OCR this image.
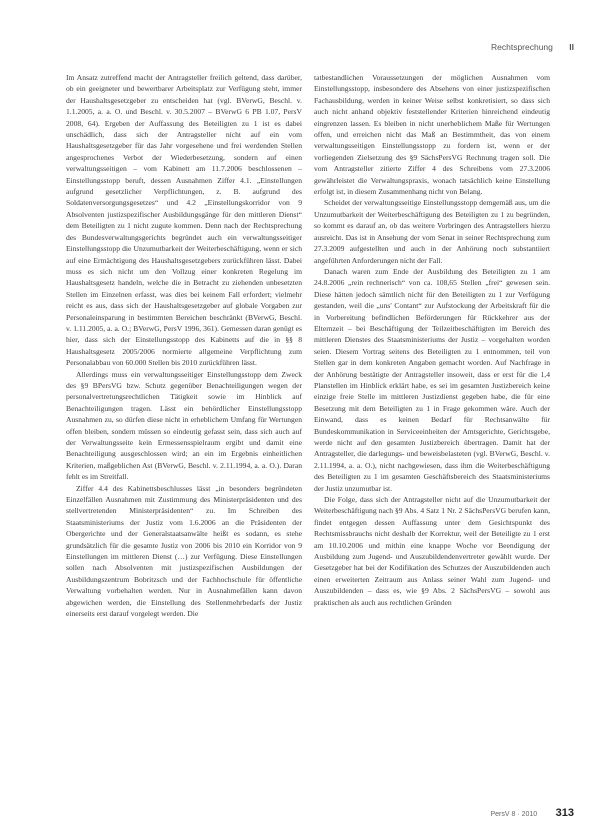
Rechtsprechung II

Im Ansatz zutreffend macht der Antragsteller freilich geltend, dass darüber, ob ein geeigneter und bewertbarer Arbeitsplatz zur Verfügung steht, immer der Haushaltsgesetzgeber zu entscheiden hat (vgl. BVerwG, Beschl. v. 1.1.2005, a. a. O. und Beschl. v. 30.5.2007 – BVerwG 6 PB 1.07, PersV 2008, 64). Ergeben der Auffassung des Beteiligten zu 1 ist es dabei unschädlich, dass sich der Antragsteller nicht auf ein vom Haushaltsgesetzgeber für das Jahr vorgesehene und frei werdenden Stellen angesprochenes Verbot der Wiederbesetzung, sondern auf einen verwaltungsseitigen – vom Kabinett am 11.7.2006 beschlossenen – Einstellungsstopp beruft, dessen Ausnahmen Ziffer 4.1. „Einstellungen aufgrund gesetzlicher Verpflichtungen, z. B. aufgrund des Soldatenversorgungsgesetzes“ und 4.2 „Einstellungskorridor von 9 Absolventen justizspezifischer Ausbildungsgänge für den mittleren Dienst“ dem Beteiligten zu 1 nicht zugute kommen. Denn nach der Rechtsprechung des Bundesverwaltungsgerichts begründet auch ein verwaltungsseitiger Einstellungsstopp die Unzumutbarkeit der Weiterbeschäftigung, wenn er sich auf eine Ermächtigung des Haushaltsgesetzgebers zurückführen lässt. Dabei muss es sich nicht um den Vollzug einer konkreten Regelung im Haushaltsgesetz handeln, welche die in Betracht zu ziehenden unbesetzten Stellen im Einzelnen erfasst, was dies bei keinem Fall erfordert; vielmehr reicht es aus, dass sich der Haushaltsgesetzgeber auf globale Vorgaben zur Personaleinsparung in bestimmten Bereichen beschränkt (BVerwG, Beschl. v. 1.11.2005, a. a. O.; BVerwG, PersV 1996, 361). Gemessen daran genügt es hier, dass sich der Einstellungsstopp des Kabinetts auf die in §§ 8 Haushaltsgesetz 2005/2006 normierte allgemeine Verpflichtung zum Personalabbau von 60.000 Stellen bis 2010 zurückführen lässt.

Allerdings muss ein verwaltungsseitiger Einstellungsstopp dem Zweck des §9 BPersVG bzw. Schutz gegenüber Benachteiligungen wegen der personalvertretungsrechtlichen Tätigkeit sowie im Hinblick auf Benachteiligungen tragen. Lässt ein behördlicher Einstellungsstopp Ausnahmen zu, so dürfen diese nicht in erheblichem Umfang für Wertungen offen bleiben, sondern müssen so eindeutig gefasst sein, dass sich auch auf der Verwaltungsseite kein Ermessensspielraum ergibt und damit eine Benachteiligung ausgeschlossen wird; an ein im Ergebnis einheitlichen Kriterien, maßgeblichen Ast (BVerwG, Beschl. v. 2.11.1994, a. a. O.). Daran fehlt es im Streitfall.

Ziffer 4.4 des Kabinettsbeschlusses lässt „in besonders begründeten Einzelfällen Ausnahmen mit Zustimmung des Ministerpräsidenten und des stellvertretenden Ministerpräsidenten“ zu. Im Schreiben des Staatsministeriums der Justiz vom 1.6.2006 an die Präsidenten der Obergerichte und der Generalstaatsanwälte heißt es sodann, es stehe grundsätzlich für die gesamte Justiz von 2006 bis 2010 ein Korridor von 9 Einstellungen im mittleren Dienst (…) zur Verfügung. Diese Einstellungen sollen nach Absolventen mit justizspezifischen Ausbildungen der Ausbildungszentrum Bobritzsch und der Fachhochschule für öffentliche Verwaltung vorbehalten werden. Nur in Ausnahmefällen kann davon abgewichen werden, die Einstellung des Stellenmehrbedarfs der Justiz einerseits erst darauf vorgelegt werden. Die

tatbestandlichen Voraussetzungen der möglichen Ausnahmen vom Einstellungsstopp, insbesondere des Absehens von einer justizspezifischen Fachausbildung, werden in keiner Weise selbst konkretisiert, so dass sich auch nicht anhand objektiv feststellender Kriterien hinreichend eindeutig eingrenzen lassen. Es bleiben in nicht unerheblichem Maße für Wertungen offen, und erreichen nicht das Maß an Bestimmtheit, das von einem verwaltungsseitigen Einstellungsstopp zu fordern ist, wenn er der vorliegenden Zielsetzung des §9 SächsPersVG Rechnung tragen soll. Die vom Antragsteller zitierte Ziffer 4 des Schreibens vom 27.3.2006 gewährleistet die Verwaltungspraxis, wonach tatsächlich keine Einstellung erfolgt ist, in diesem Zusammenhang nicht von Belang.

Scheidet der verwaltungsseitige Einstellungsstopp demgemäß aus, um die Unzumutbarkeit der Weiterbeschäftigung des Beteiligten zu 1 zu begründen, so kommt es darauf an, ob das weitere Vorbringen des Antragstellers hierzu ausreicht. Das ist in Ansehung der vom Senat in seiner Rechtsprechung zum 27.3.2009 aufgestellten und auch in der Anhörung noch substantiiert angeführten Anforderungen nicht der Fall.

Danach waren zum Ende der Ausbildung des Beteiligten zu 1 am 24.8.2006 „rein rechnerisch“ von ca. 108,65 Stellen „frei“ gewesen sein. Diese hätten jedoch sämtlich nicht für den Beteiligten zu 1 zur Verfügung gestanden, weil die „uns' Contant“ zur Aufstockung der Arbeitskraft für die in Vorbereitung befindlichen Beförderungen für Rückkehrer aus der Elternzeit – bei Beschäftigung der Teilzeitbeschäftigten im Bereich des mittleren Dienstes des Staatsministeriums der Justiz – vorgehalten worden seien. Diesem Vortrag seitens des Beteiligten zu 1 entnommen, teil von Stellen gar in dem konkreten Angaben gemacht worden. Auf Nachfrage in der Anhörung bestätigte der Antragsteller insoweit, dass er erst für die 1,4 Planstellen im Hinblick erklärt habe, es sei im gesamten Justizbereich keine einzige freie Stelle im mittleren Justizdienst gegeben habe, die für eine Besetzung mit dem Beteiligten zu 1 in Frage gekommen wäre. Auch der Einwand, dass es keinen Bedarf für Rechtsanwälte für Bundeskommunikation in Serviceeinheiten der Amtsgerichte, Gerichtsgebe, werde nicht auf den gesamten Justizbereich übertragen. Damit hat der Antragsteller, die darlegungs- und beweisbelasteten (vgl. BVerwG, Beschl. v. 2.11.1994, a. a. O.), nicht nachgewiesen, dass ihm die Weiterbeschäftigung des Beteiligten zu 1 im gesamten Geschäftsbereich des Staatsministeriums der Justiz unzumutbar ist.

Die Folge, dass sich der Antragsteller nicht auf die Unzumutbarkeit der Weiterbeschäftigung nach §9 Abs. 4 Satz 1 Nr. 2 SächsPersVG berufen kann, findet entgegen dessen Auffassung unter dem Gesichtspunkt des Rechtsmissbrauchs nicht deshalb der Korrektur, weil der Beteiligte zu 1 erst am 10.10.2006 und mithin eine knappe Woche vor Beendigung der Ausbildung zum Jugend- und Auszubildendenvertreter gewählt wurde. Der Gesetzgeber hat bei der Kodifikation des Schutzes der Auszubildenden auch einen erweiterten Zeitraum aus Anlass seiner Wahl zum Jugend- und Auszubildenden – dass es, wie §9 Abs. 2 SächsPersVG – sowohl aus praktischen als auch aus rechtlichen Gründen

PersV 8 · 2010 313
